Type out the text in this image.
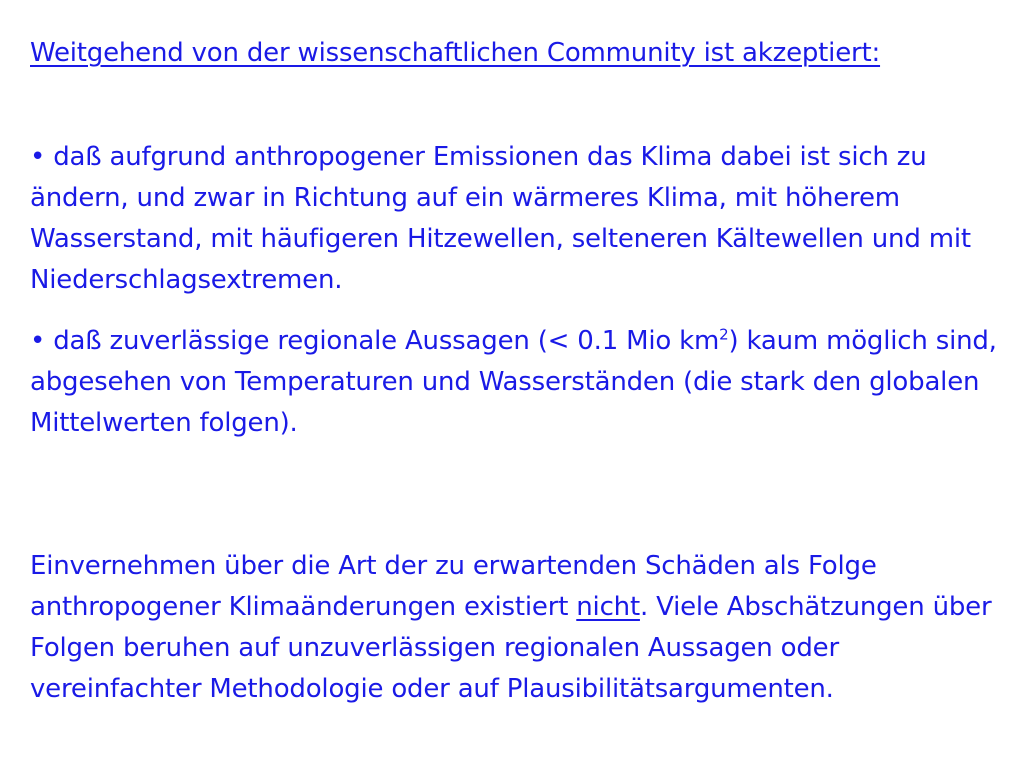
Weitgehend von der wissenschaftlichen Community ist akzeptiert:

• daß aufgrund anthropogener Emissionen das Klima dabei ist sich zu ändern, und zwar in Richtung auf ein wärmeres Klima, mit höherem Wasserstand, mit häufigeren Hitzewellen, selteneren Kältewellen und mit Niederschlagsextremen.

• daß zuverlässige regionale Aussagen (< 0.1 Mio $km^2$) kaum möglich sind, abgesehen von Temperaturen und Wasserständen (die stark den globalen Mittelwerten folgen).

Einvernehmen über die Art der zu erwartenden Schäden als Folge anthropogener Klimaänderungen existiert nicht. Viele Abschätzungen über Folgen beruhen auf unzuverlässigen regionalen Aussagen oder vereinfachter Methodologie oder auf Plausibilitätsargumenten.
